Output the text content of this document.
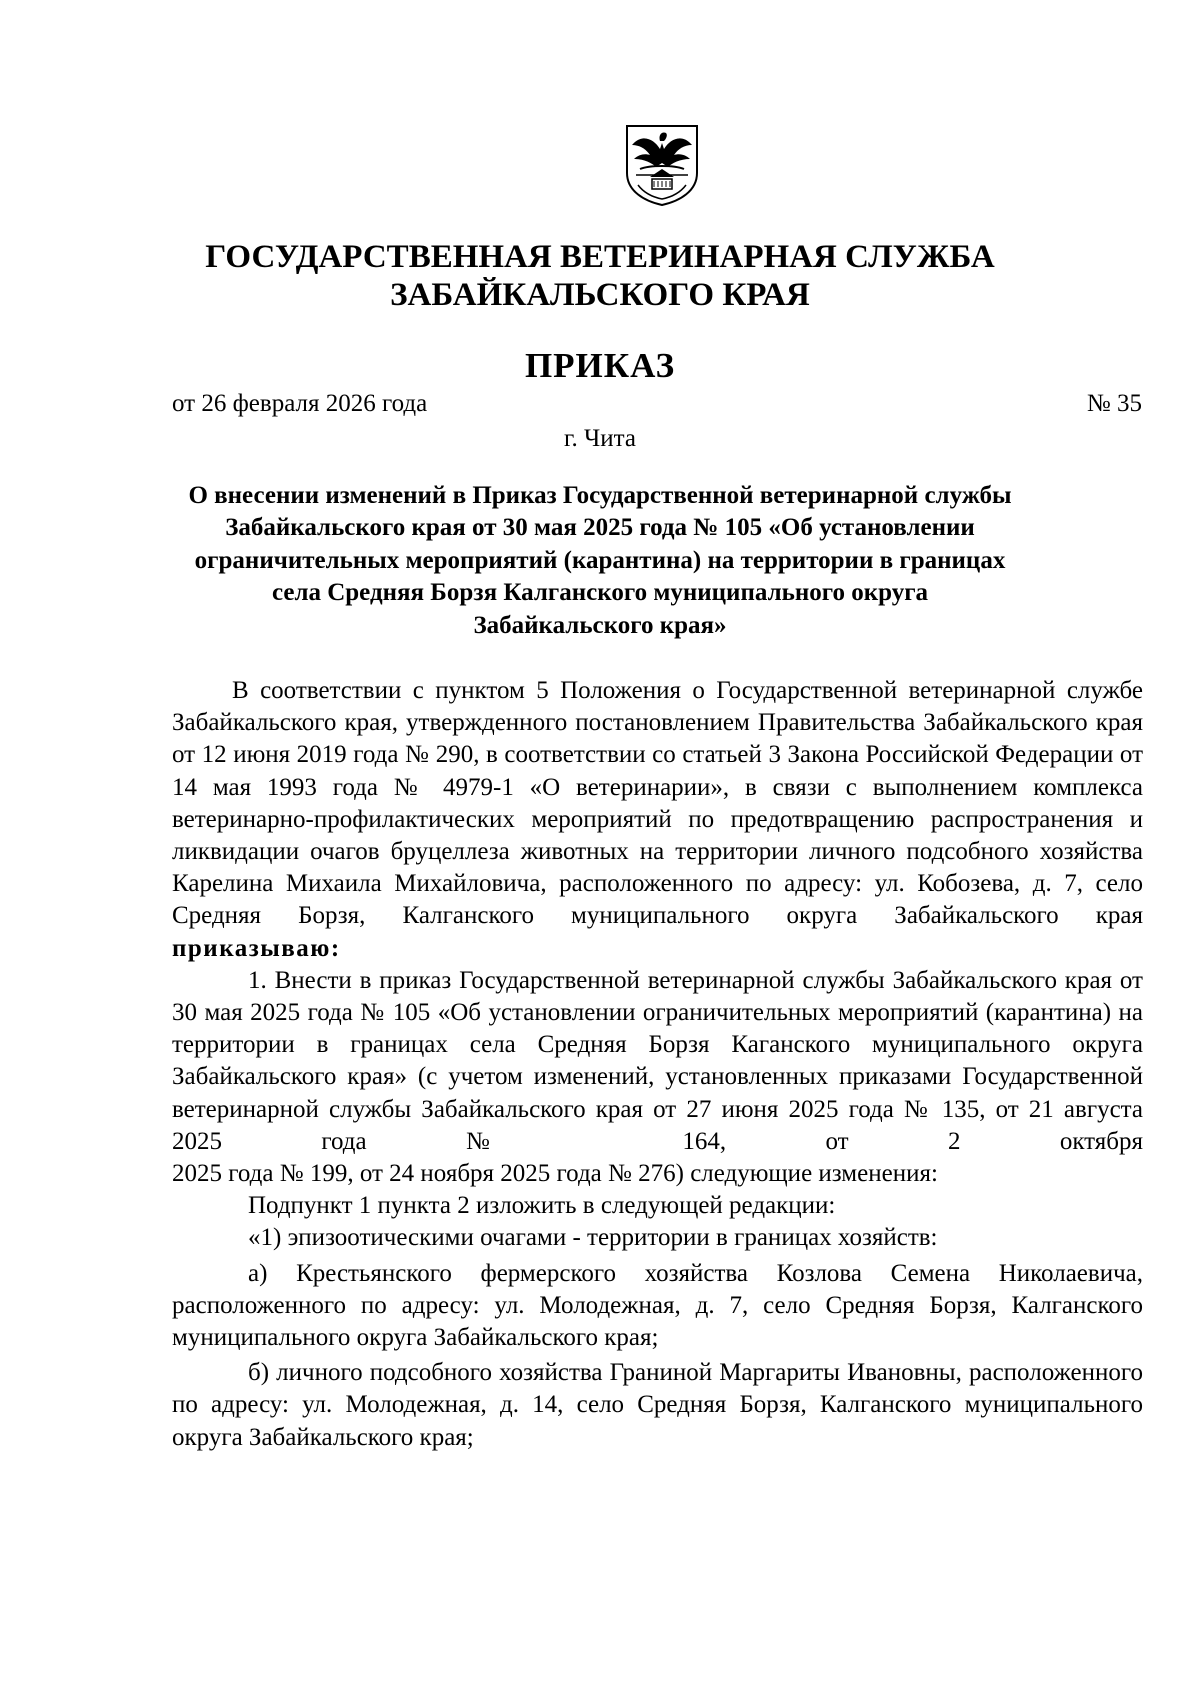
ГОСУДАРСТВЕННАЯ ВЕТЕРИНАРНАЯ СЛУЖБА
ЗАБАЙКАЛЬСКОГО КРАЯ
ПРИКАЗ
от 26 февраля 2026 года	№ 35
г. Чита
О внесении изменений в Приказ Государственной ветеринарной службы
Забайкальского края от 30 мая 2025 года № 105 «Об установлении
ограничительных мероприятий (карантина) на территории в границах
села Средняя Борзя Калганского муниципального округа
Забайкальского края»

В соответствии с пунктом 5 Положения о Государственной ветеринарной службе Забайкальского края, утвержденного постановлением Правительства Забайкальского края от 12 июня 2019 года № 290, в соответствии со статьей 3 Закона Российской Федерации от 14 мая 1993 года № 4979-1 «О ветеринарии», в связи с выполнением комплекса ветеринарно-профилактических мероприятий по предотвращению распространения и ликвидации очагов бруцеллеза животных на территории личного подсобного хозяйства Карелина Михаила Михайловича, расположенного по адресу: ул. Кобозева, д. 7, село Средняя Борзя, Калганского муниципального округа Забайкальского края

приказываю:

1. Внести в приказ Государственной ветеринарной службы Забайкальского края от 30 мая 2025 года № 105 «Об установлении ограничительных мероприятий (карантина) на территории в границах села Средняя Борзя Каганского муниципального округа Забайкальского края» (с учетом изменений, установленных приказами Государственной ветеринарной службы Забайкальского края от 27 июня 2025 года № 135, от 21 августа 2025 года № 164, от 2 октября

2025 года № 199, от 24 ноября 2025 года № 276) следующие изменения:

Подпункт 1 пункта 2 изложить в следующей редакции:

«1) эпизоотическими очагами - территории в границах хозяйств:

а) Крестьянского фермерского хозяйства Козлова Семена Николаевича, расположенного по адресу: ул. Молодежная, д. 7, село Средняя Борзя, Калганского муниципального округа Забайкальского края;

б) личного подсобного хозяйства Граниной Маргариты Ивановны, расположенного по адресу: ул. Молодежная, д. 14, село Средняя Борзя, Калганского муниципального округа Забайкальского края;
